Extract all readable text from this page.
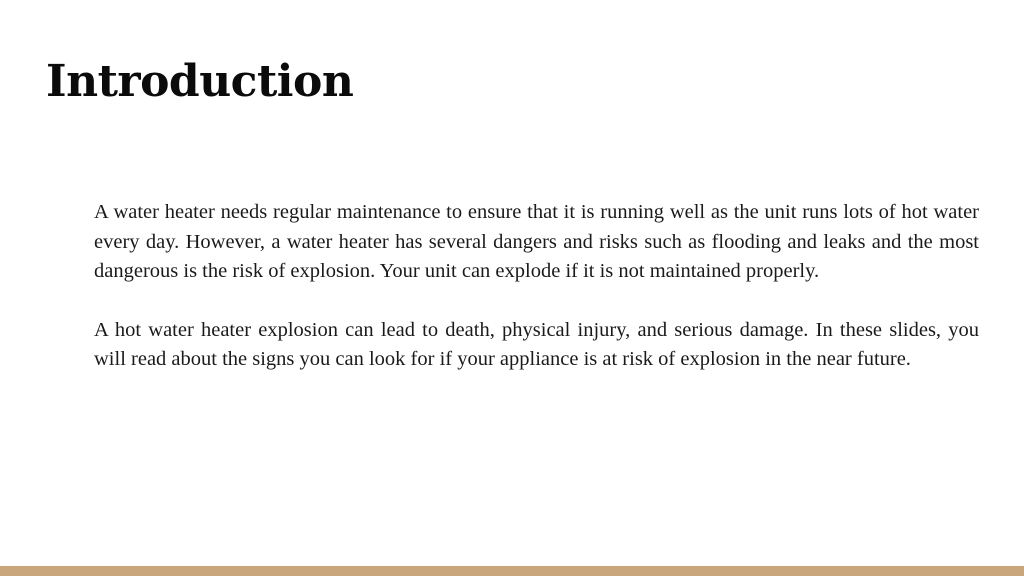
Introduction

A water heater needs regular maintenance to ensure that it is running well as the unit runs lots of hot water every day. However, a water heater has several dangers and risks such as flooding and leaks and the most dangerous is the risk of explosion. Your unit can explode if it is not maintained properly.

A hot water heater explosion can lead to death, physical injury, and serious damage. In these slides, you will read about the signs you can look for if your appliance is at risk of explosion in the near future.
